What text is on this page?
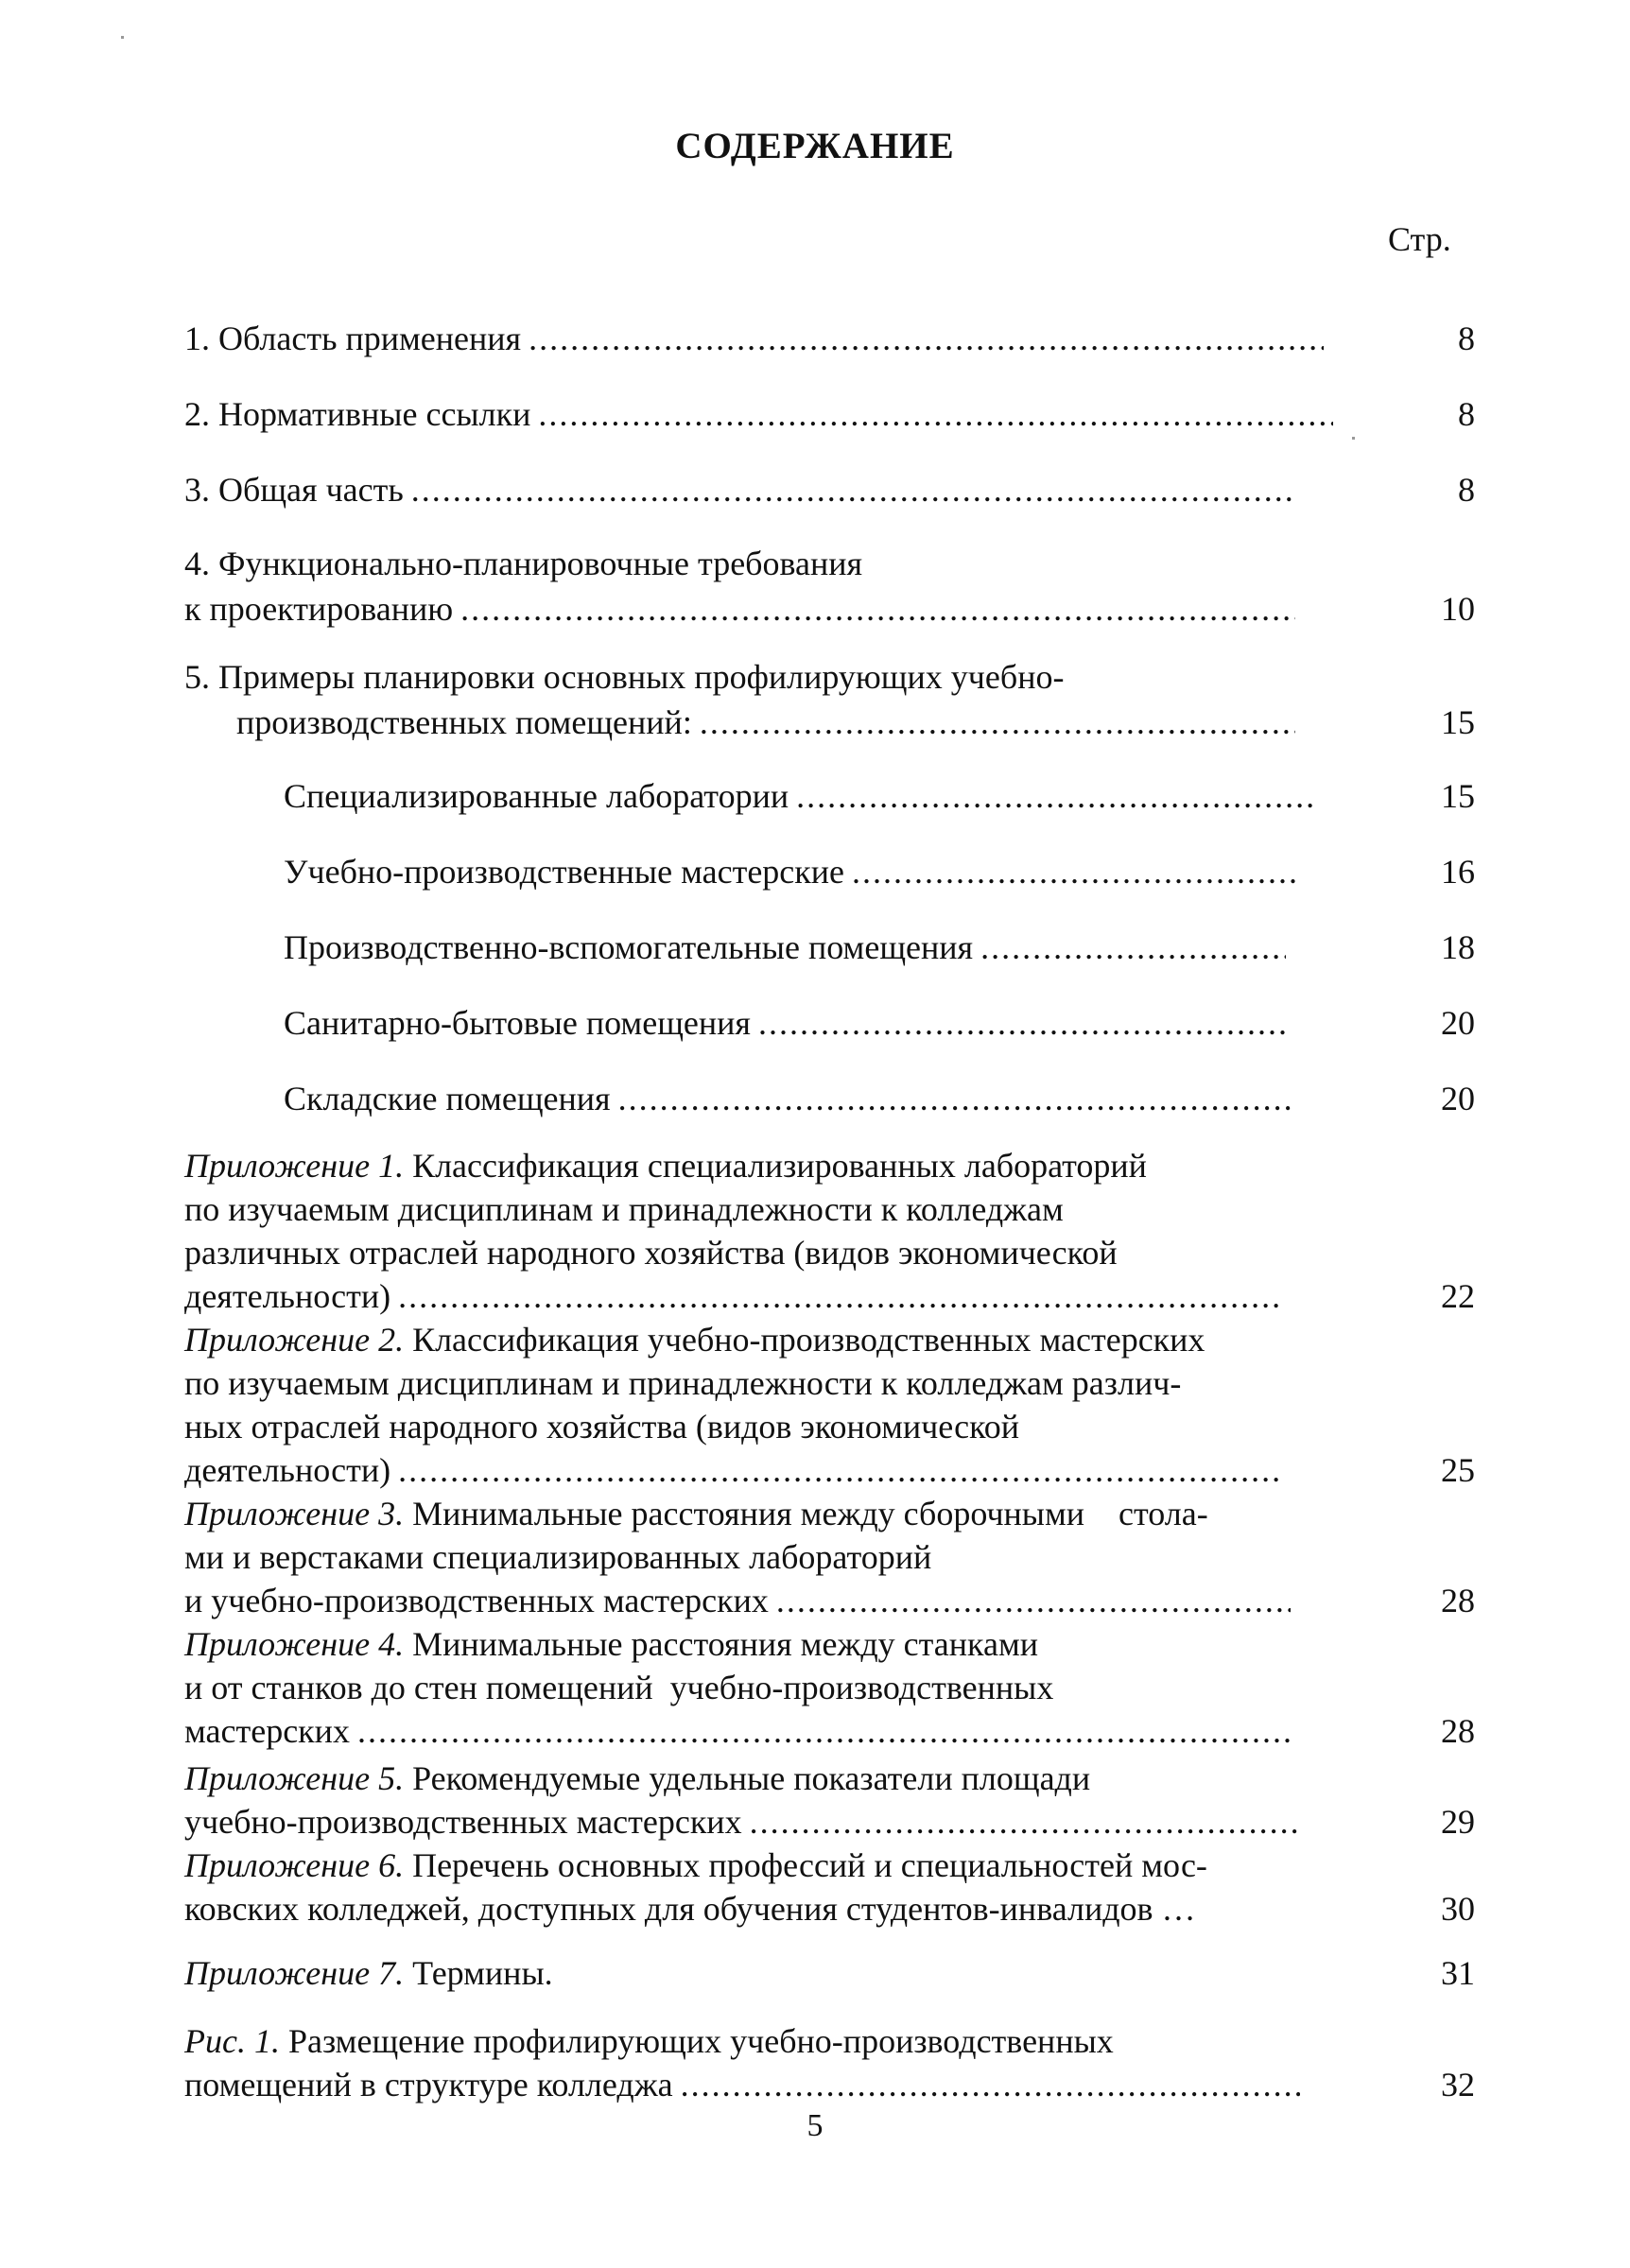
СОДЕРЖАНИЕ
Стр.
1. Область применения .....	8
2. Нормативные ссылки .....	8
3. Общая часть .....	8
4. Функционально-планировочные требования
к проектированию .....	10
5. Примеры планировки основных профилирующих учебно-
производственных помещений: .....	15
Специализированные лаборатории .....	15
Учебно-производственные мастерские .....	16
Производственно-вспомогательные помещения .....	18
Санитарно-бытовые помещения .....	20
Складские помещения .....	20
Приложение 1. Классификация специализированных лабораторий
по изучаемым дисциплинам и принадлежности к колледжам
различных отраслей народного хозяйства (видов экономической
деятельности) .....	22
Приложение 2. Классификация учебно-производственных мастерских
по изучаемым дисциплинам и принадлежности к колледжам различ-
ных отраслей народного хозяйства (видов экономической
деятельности) .....	25
Приложение 3. Минимальные расстояния между сборочными    стола-
ми и верстаками специализированных лабораторий
и учебно-производственных мастерских .....	28
Приложение 4. Минимальные расстояния между станками
и от станков до стен помещений  учебно-производственных
мастерских .....	28
Приложение 5. Рекомендуемые удельные показатели площади
учебно-производственных мастерских .....	29
Приложение 6. Перечень основных профессий и специальностей мос-
ковских колледжей, доступных для обучения студентов-инвалидов …	30
Приложение 7. Термины.	31
Рис. 1. Размещение профилирующих учебно-производственных
помещений в структуре колледжа .....	32
5
